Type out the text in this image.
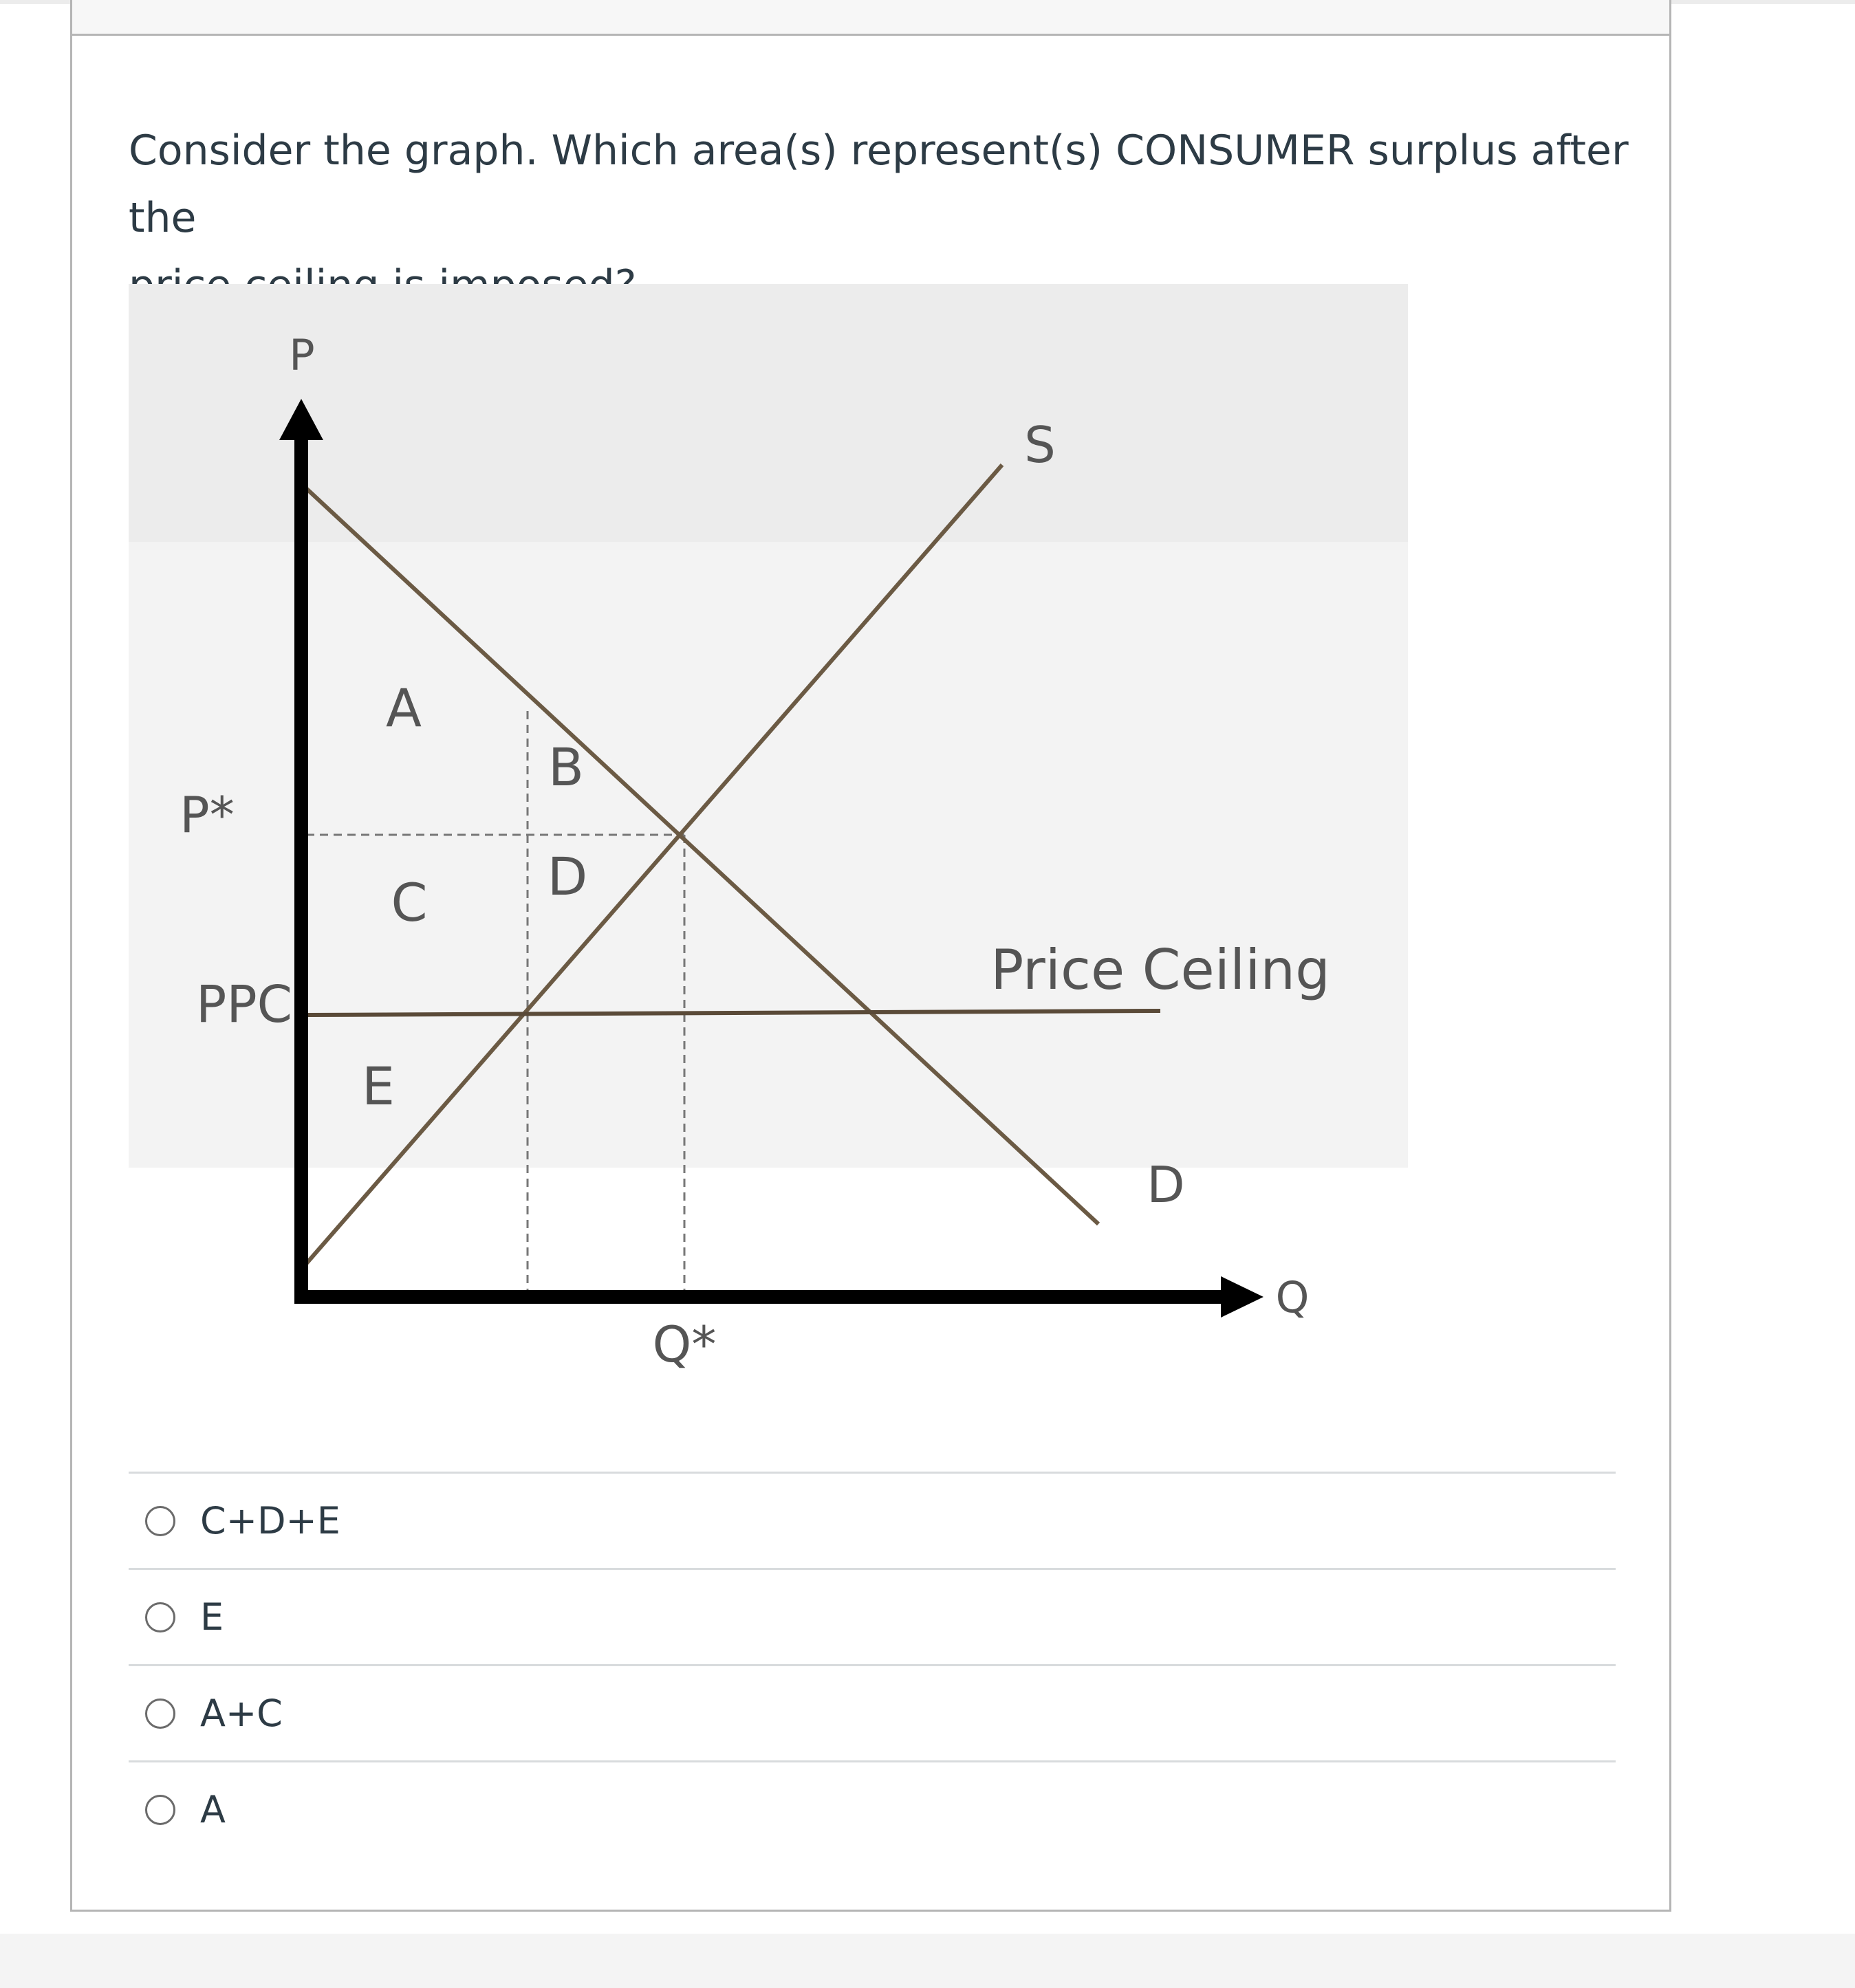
Consider the graph. Which area(s) represent(s) CONSUMER surplus after the

P
Q
P*
PPC
Q*
S
D
Price Ceiling
A
B
C D
E
C+D+E
E
A+C
A
